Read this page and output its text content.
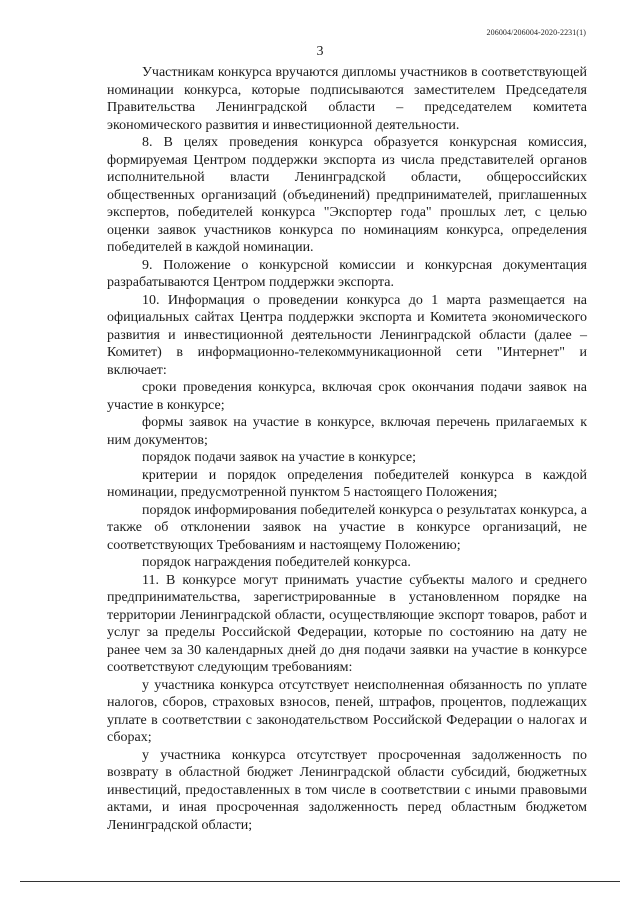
206004/206004-2020-2231(1)
3

Участникам конкурса вручаются дипломы участников в соответствующей номинации конкурса, которые подписываются заместителем Председателя Правительства Ленинградской области – председателем комитета экономического развития и инвестиционной деятельности.

8. В целях проведения конкурса образуется конкурсная комиссия, формируемая Центром поддержки экспорта из числа представителей органов исполнительной власти Ленинградской области, общероссийских общественных организаций (объединений) предпринимателей, приглашенных экспертов, победителей конкурса "Экспортер года" прошлых лет, с целью оценки заявок участников конкурса по номинациям конкурса, определения победителей в каждой номинации.

9. Положение о конкурсной комиссии и конкурсная документация разрабатываются Центром поддержки экспорта.

10. Информация о проведении конкурса до 1 марта размещается на официальных сайтах Центра поддержки экспорта и Комитета экономического развития и инвестиционной деятельности Ленинградской области (далее – Комитет) в информационно-телекоммуникационной сети "Интернет" и включает:

сроки проведения конкурса, включая срок окончания подачи заявок на участие в конкурсе;

формы заявок на участие в конкурсе, включая перечень прилагаемых к ним документов;

порядок подачи заявок на участие в конкурсе;

критерии и порядок определения победителей конкурса в каждой номинации, предусмотренной пунктом 5 настоящего Положения;

порядок информирования победителей конкурса о результатах конкурса, а также об отклонении заявок на участие в конкурсе организаций, не соответствующих Требованиям и настоящему Положению;

порядок награждения победителей конкурса.

11. В конкурсе могут принимать участие субъекты малого и среднего предпринимательства, зарегистрированные в установленном порядке на территории Ленинградской области, осуществляющие экспорт товаров, работ и услуг за пределы Российской Федерации, которые по состоянию на дату не ранее чем за 30 календарных дней до дня подачи заявки на участие в конкурсе соответствуют следующим требованиям:

у участника конкурса отсутствует неисполненная обязанность по уплате налогов, сборов, страховых взносов, пеней, штрафов, процентов, подлежащих уплате в соответствии с законодательством Российской Федерации о налогах и сборах;

у участника конкурса отсутствует просроченная задолженность по возврату в областной бюджет Ленинградской области субсидий, бюджетных инвестиций, предоставленных в том числе в соответствии с иными правовыми актами, и иная просроченная задолженность перед областным бюджетом Ленинградской области;
